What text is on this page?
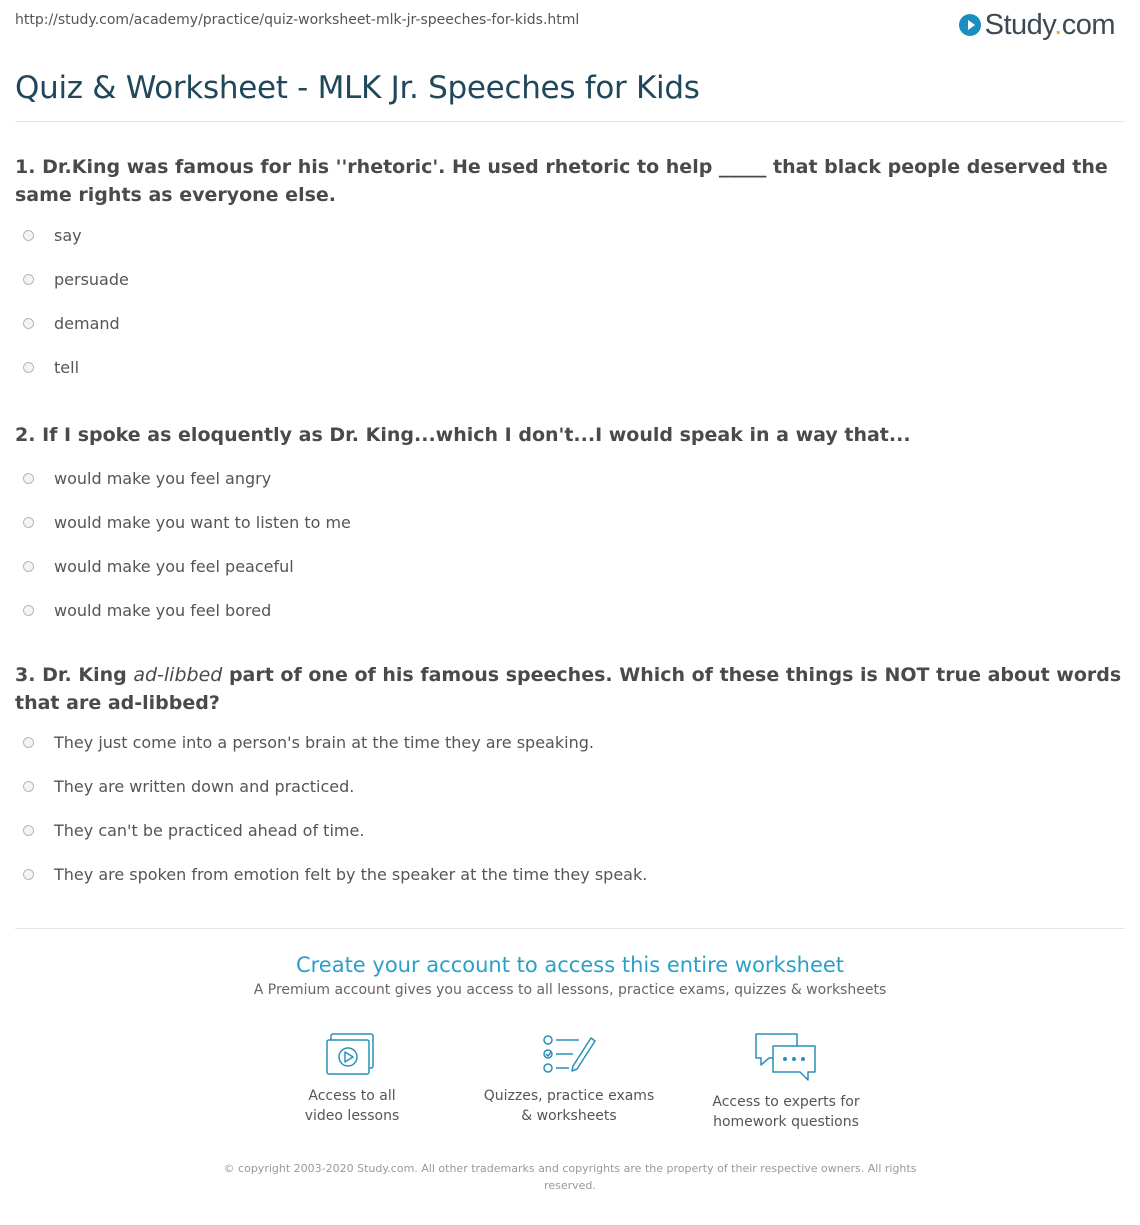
http://study.com/academy/practice/quiz-worksheet-mlk-jr-speeches-for-kids.html	Study.com
Quiz & Worksheet - MLK Jr. Speeches for Kids

1. Dr.King was famous for his ''rhetoric'. He used rhetoric to help _____ that black people deserved the same rights as everyone else.

say
persuade
demand
tell

2. If I spoke as eloquently as Dr. King...which I don't...I would speak in a way that...

would make you feel angry
would make you want to listen to me
would make you feel peaceful
would make you feel bored

3. Dr. King ad-libbed part of one of his famous speeches. Which of these things is NOT true about words that are ad-libbed?

They just come into a person's brain at the time they are speaking.
They are written down and practiced.
They can't be practiced ahead of time.
They are spoken from emotion felt by the speaker at the time they speak.
Create your account to access this entire worksheet
A Premium account gives you access to all lessons, practice exams, quizzes & worksheets
Access to all
video lessons
Quizzes, practice exams
& worksheets
Access to experts for
homework questions
© copyright 2003-2020 Study.com. All other trademarks and copyrights are the property of their respective owners. All rights reserved.
